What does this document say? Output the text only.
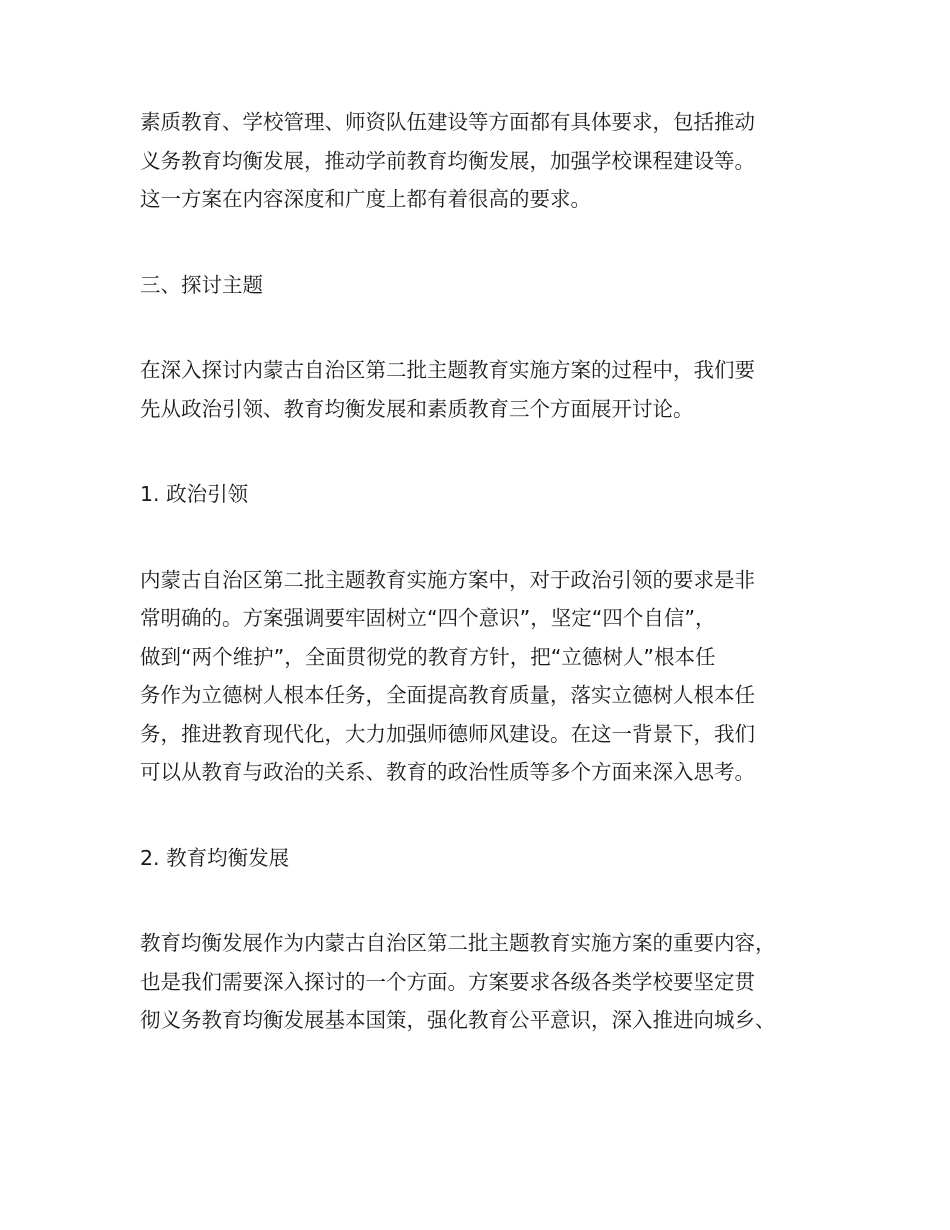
素质教育、学校管理、师资队伍建设等方面都有具体要求，包括推动
义务教育均衡发展，推动学前教育均衡发展，加强学校课程建设等。
这一方案在内容深度和广度上都有着很高的要求。
三、探讨主题
在深入探讨内蒙古自治区第二批主题教育实施方案的过程中，我们要
先从政治引领、教育均衡发展和素质教育三个方面展开讨论。
1. 政治引领
内蒙古自治区第二批主题教育实施方案中，对于政治引领的要求是非
常明确的。方案强调要牢固树立“四个意识”，坚定“四个自信”，
做到“两个维护”，全面贯彻党的教育方针，把“立德树人”根本任
务作为立德树人根本任务，全面提高教育质量，落实立德树人根本任
务，推进教育现代化，大力加强师德师风建设。在这一背景下，我们
可以从教育与政治的关系、教育的政治性质等多个方面来深入思考。
2. 教育均衡发展
教育均衡发展作为内蒙古自治区第二批主题教育实施方案的重要内容，
也是我们需要深入探讨的一个方面。方案要求各级各类学校要坚定贯
彻义务教育均衡发展基本国策，强化教育公平意识，深入推进向城乡、
